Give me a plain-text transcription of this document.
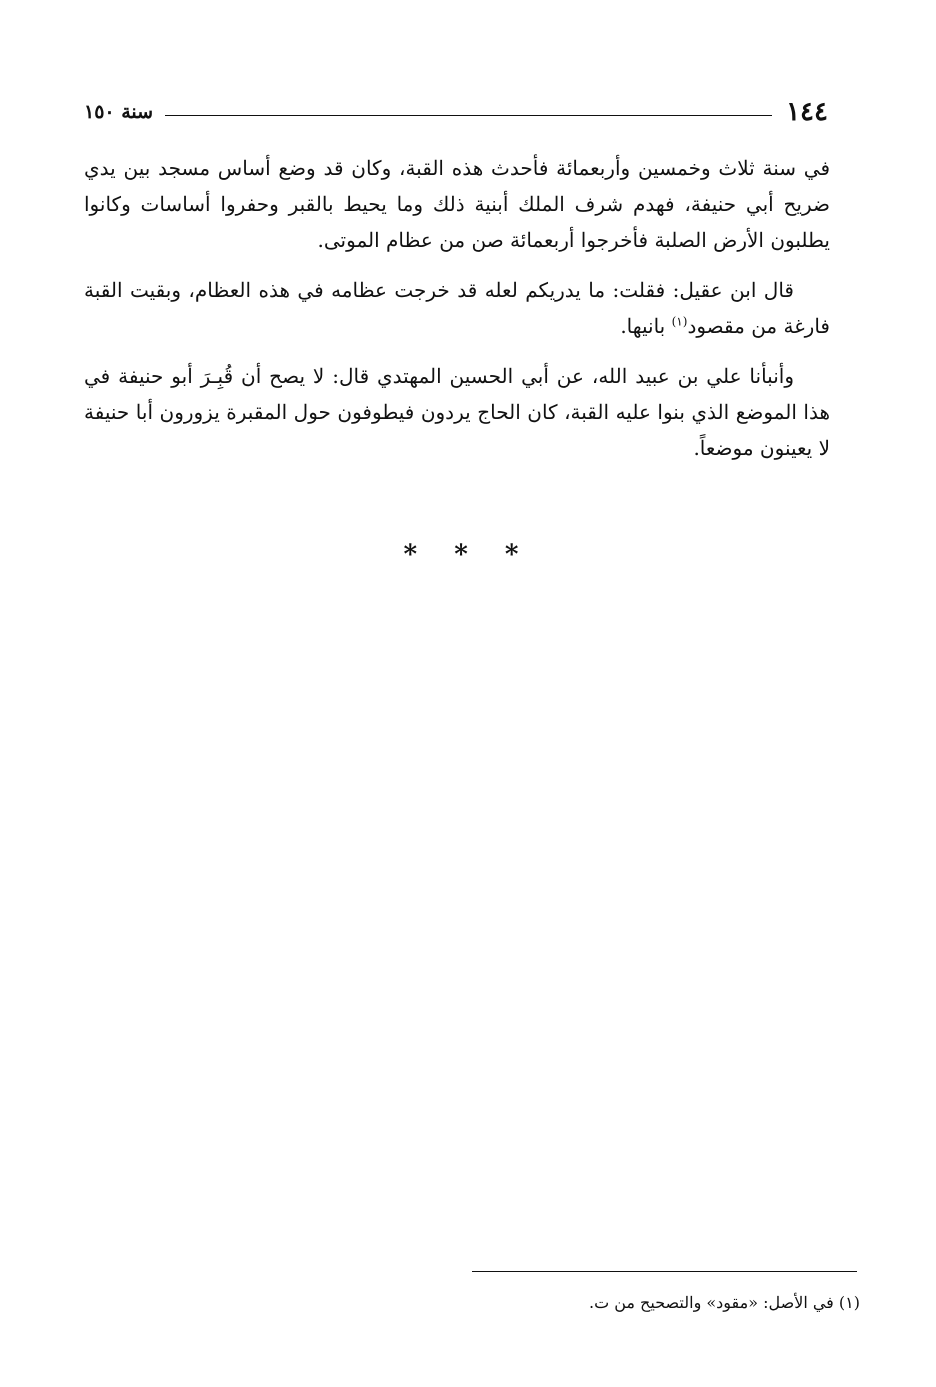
١٤٤
سنة ١٥٠

في سنة ثلاث وخمسين وأربعمائة فأحدث هذه القبة، وكان قد وضع أساس مسجد بين يدي ضريح أبي حنيفة، فهدم شرف الملك أبنية ذلك وما يحيط بالقبر وحفروا أساسات وكانوا يطلبون الأرض الصلبة فأخرجوا أربعمائة صن من عظام الموتى.

قال ابن عقيل: فقلت: ما يدريكم لعله قد خرجت عظامه في هذه العظام، وبقيت القبة فارغة من مقصود$^{(١)}$ بانيها.

وأنبأنا علي بن عبيد الله، عن أبي الحسين المهتدي قال: لا يصح أن قُبِـرَ أبو حنيفة في هذا الموضع الذي بنوا عليه القبة، كان الحاج يردون فيطوفون حول المقبرة يزورون أبا حنيفة لا يعينون موضعاً.

* * *
(١) في الأصل: «مقود» والتصحيح من ت.
